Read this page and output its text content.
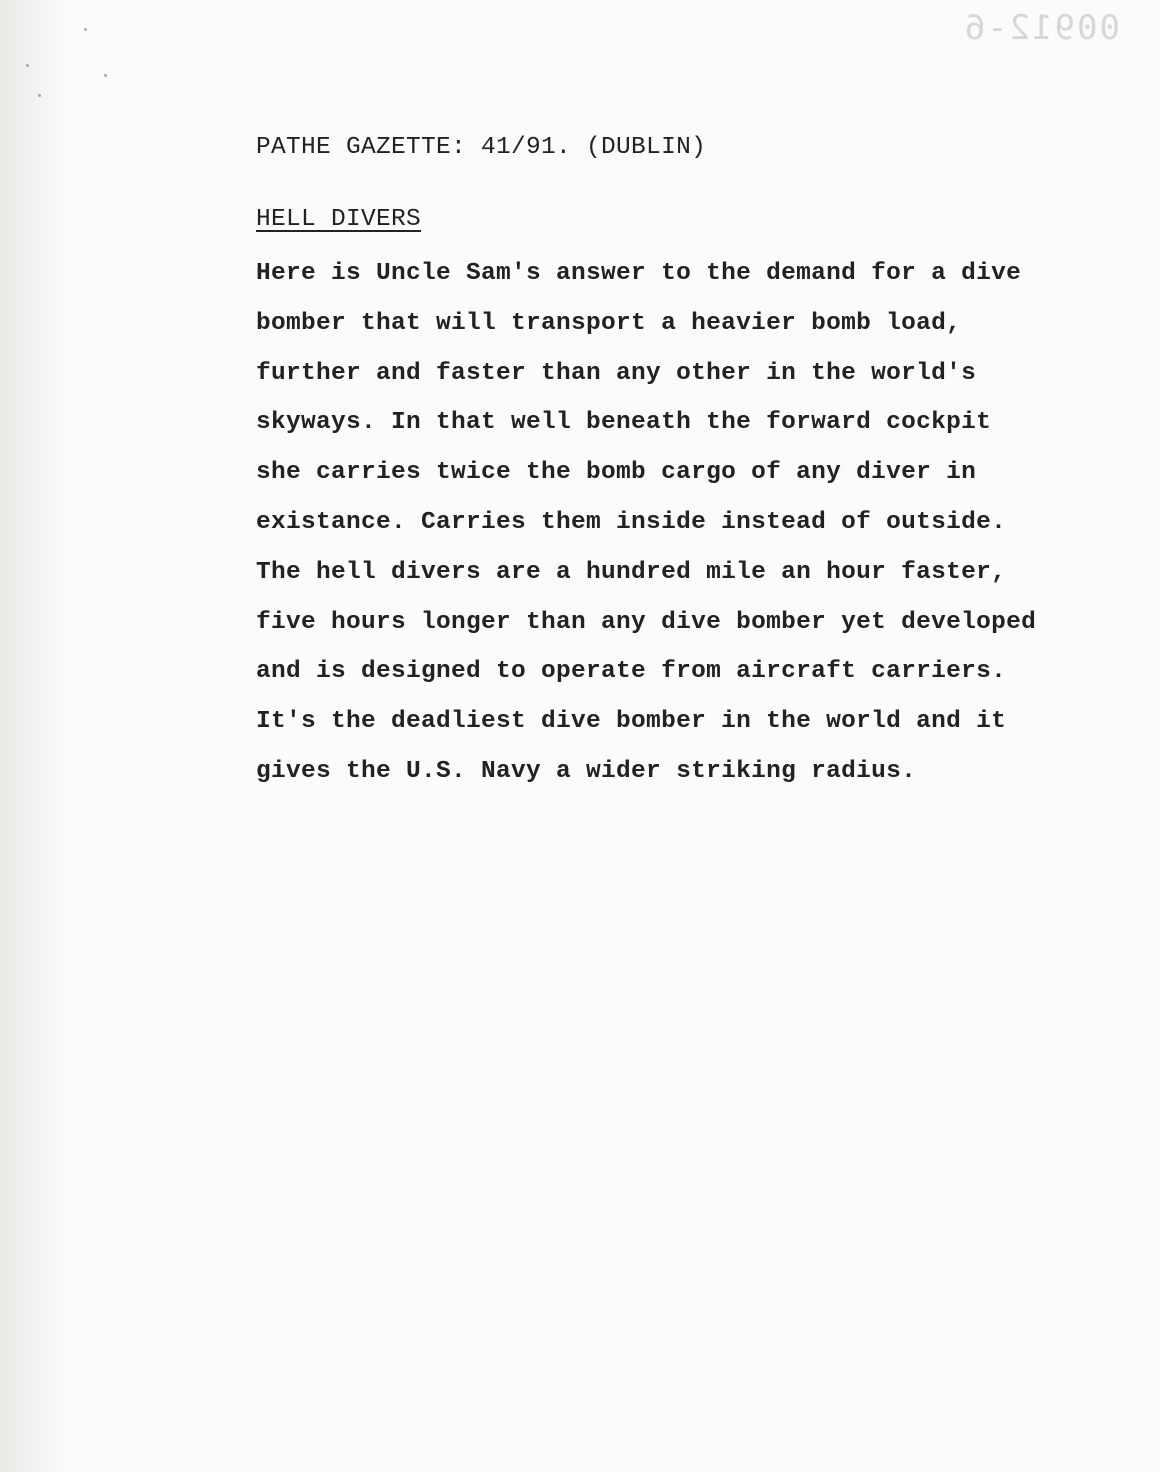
00912-6
PATHE GAZETTE: 41/91. (DUBLIN)
HELL DIVERS
Here is Uncle Sam's answer to the demand for a dive
bomber that will transport a heavier bomb load,
further and faster than any other in the world's
skyways. In that well beneath the forward cockpit
she carries twice the bomb cargo of any diver in
existance. Carries them inside instead of outside.
The hell divers are a hundred mile an hour faster,
five hours longer than any dive bomber yet developed
and is designed to operate from aircraft carriers.
It's the deadliest dive bomber in the world and it
gives the U.S. Navy a wider striking radius.
